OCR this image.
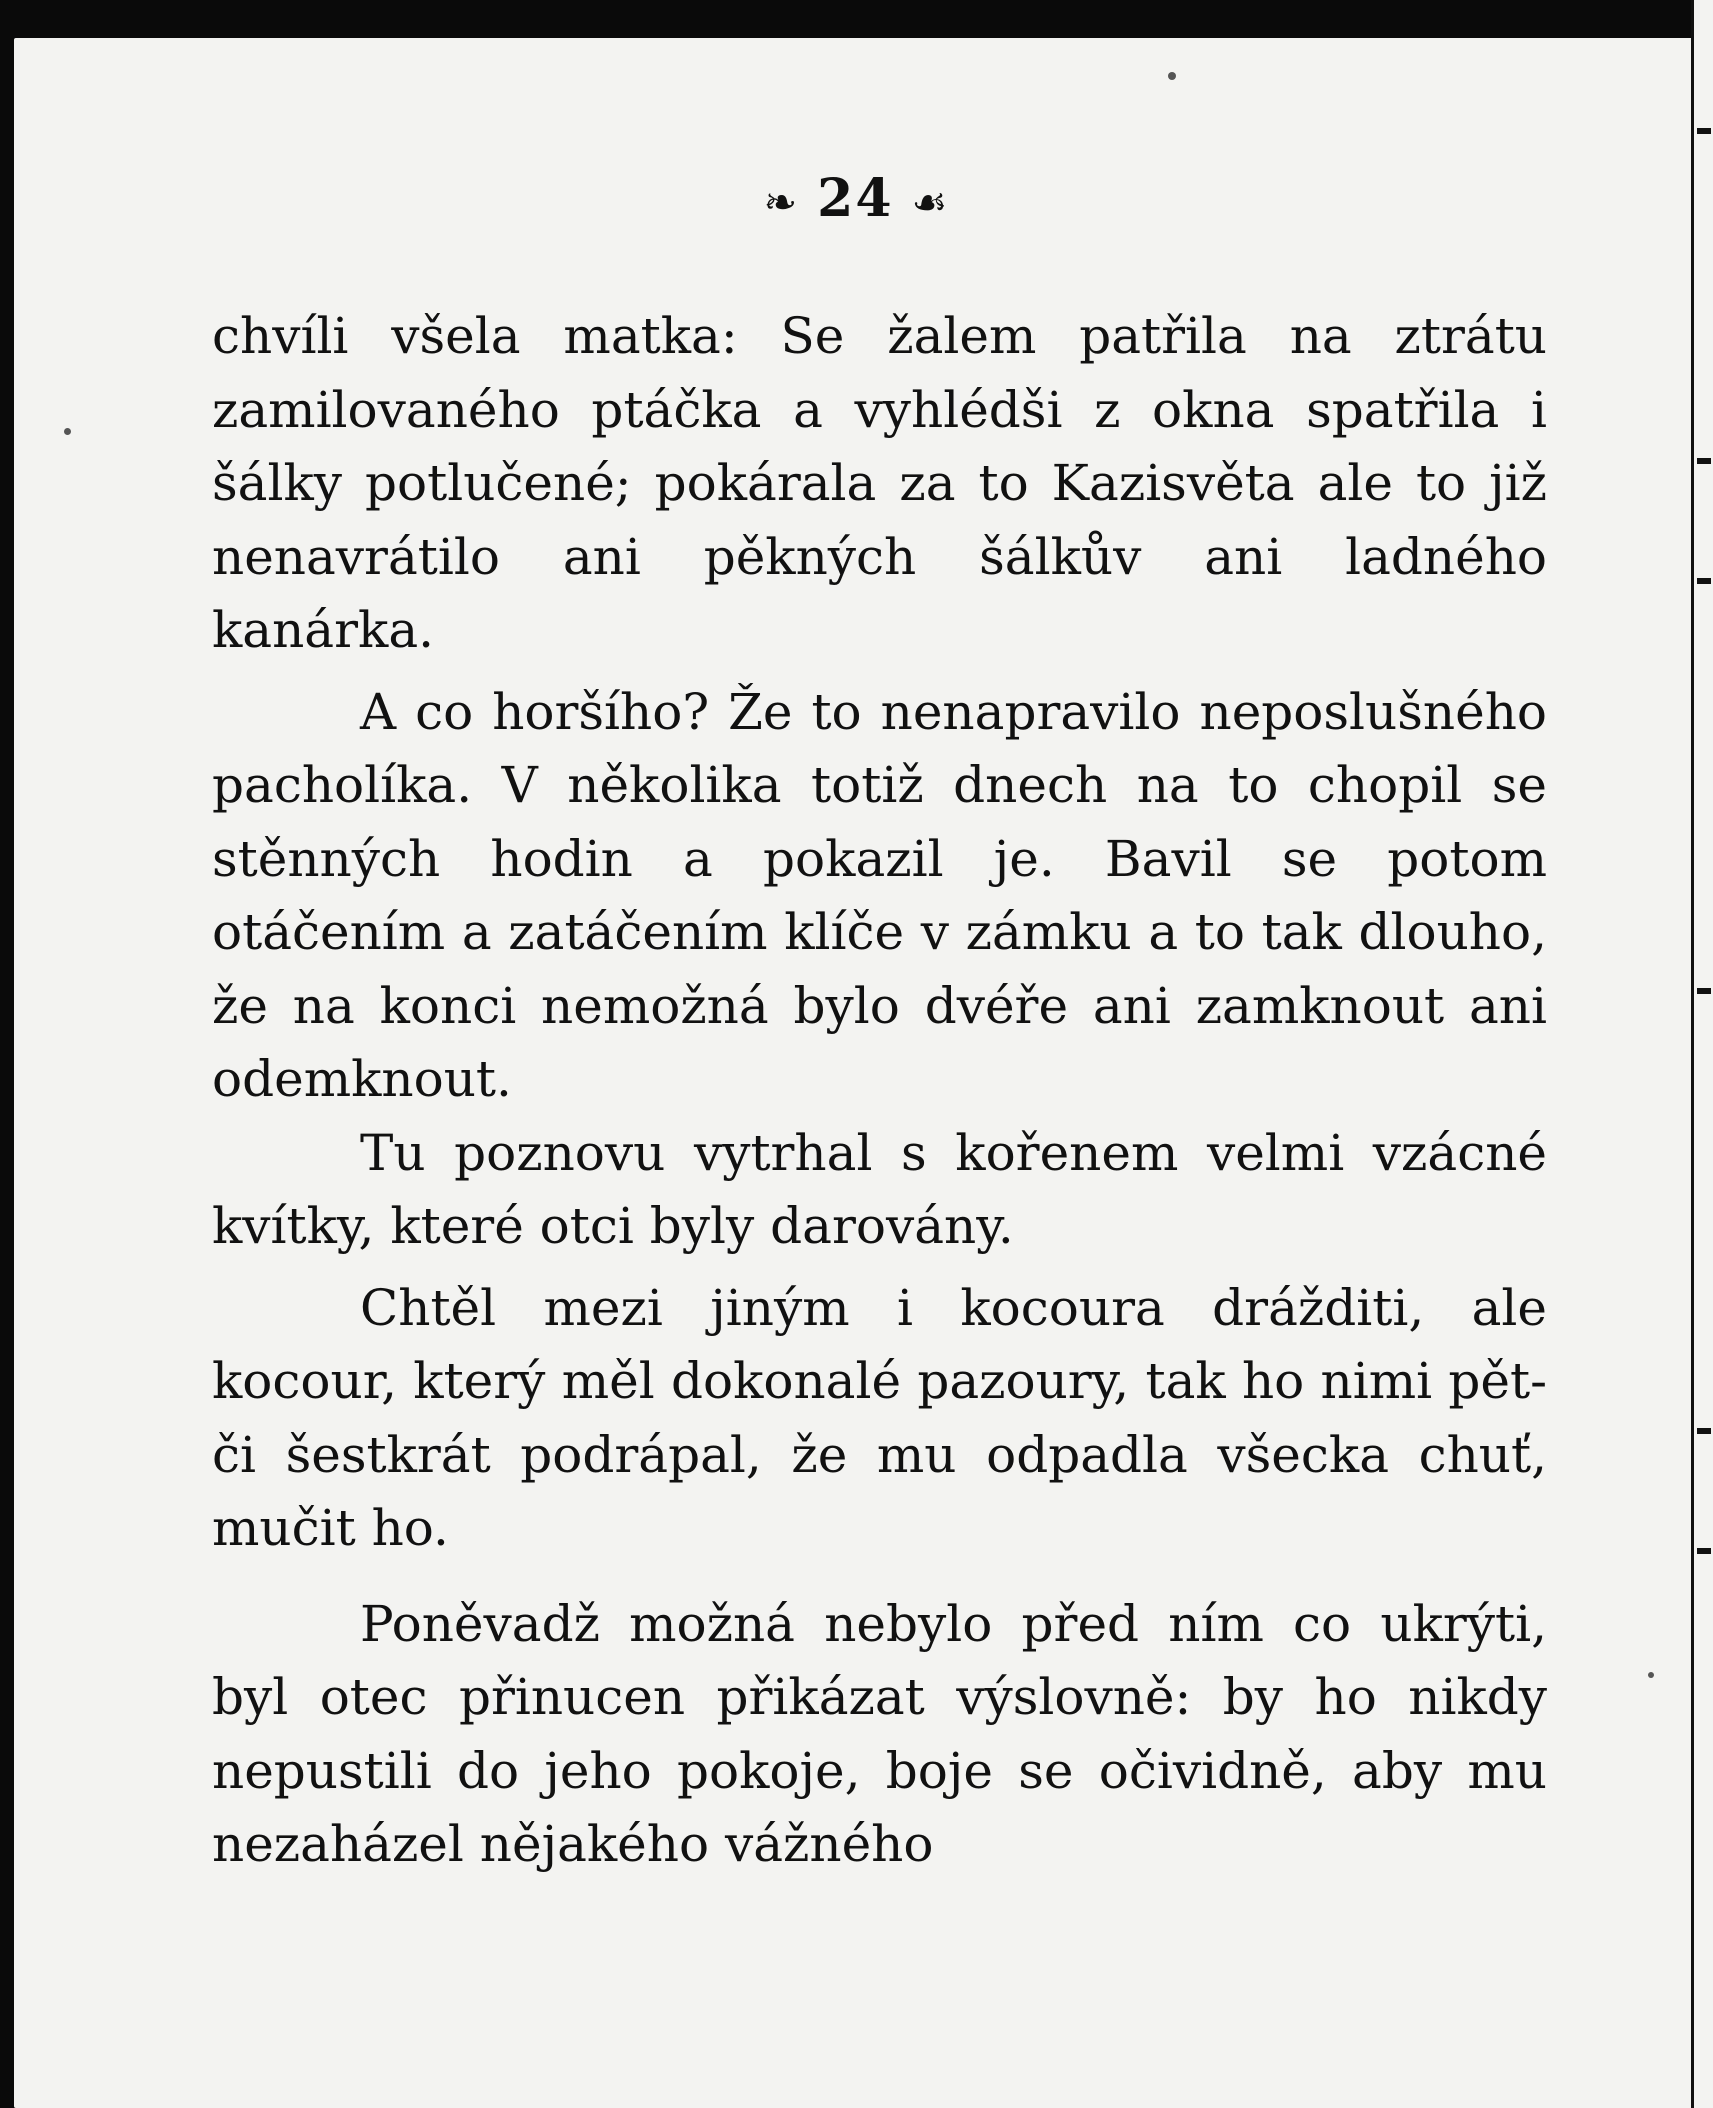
❧ 24 ☙

chvíli všela matka: Se žalem patřila na ztrátu zamilovaného ptáčka a vyhlédši z okna spatřila i šálky potlučené; pokárala za to Kazisvěta ale to již nenavrátilo ani pěkných šálkův ani ladného kanárka.

A co horšího? Že to nenapravilo neposlušného pacholíka. V několika totiž dnech na to chopil se stěnných hodin a pokazil je. Bavil se potom otáčením a zatáčením klíče v zámku a to tak dlouho, že na konci nemožná bylo dvéře ani zamknout ani odemknout.

Tu poznovu vytrhal s kořenem velmi vzácné kvítky, které otci byly darovány.

Chtěl mezi jiným i kocoura drážditi, ale kocour, který měl dokonalé pazoury, tak ho nimi pět- či šestkrát podrápal, že mu odpadla všecka chuť, mučit ho.

Poněvadž možná nebylo před ním co ukrýti, byl otec přinucen přikázat výslovně: by ho nikdy nepustili do jeho pokoje, boje se očividně, aby mu nezaházel nějakého vážného
